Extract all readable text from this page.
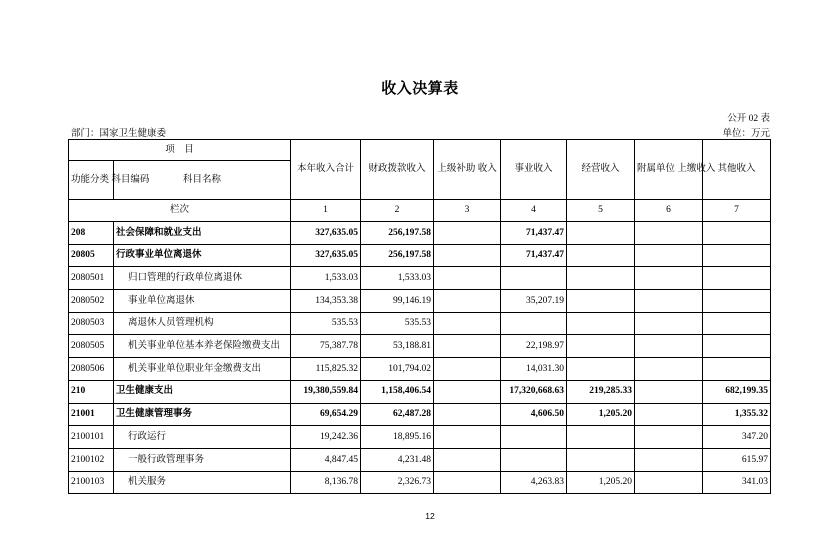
收入决算表
公开 02 表
部门：国家卫生健康委	单位：万元
项　目		本年收入合计	财政拨款收入	上级补助 收入	事业收入	经营收入	附属单位 上缴收入	其他收入
功能分类 科目编码	科目名称							
栏次		1	2	3	4	5	6	7
208	社会保障和就业支出	327,635.05	256,197.58		71,437.47			
20805	行政事业单位离退休	327,635.05	256,197.58		71,437.47			
2080501	归口管理的行政单位离退休	1,533.03	1,533.03					
2080502	事业单位离退休	134,353.38	99,146.19		35,207.19			
2080503	离退休人员管理机构	535.53	535.53					
2080505	机关事业单位基本养老保险缴费支出	75,387.78	53,188.81		22,198.97			
2080506	机关事业单位职业年金缴费支出	115,825.32	101,794.02		14,031.30			
210	卫生健康支出	19,380,559.84	1,158,406.54		17,320,668.63	219,285.33		682,199.35
21001	卫生健康管理事务	69,654.29	62,487.28		4,606.50	1,205.20		1,355.32
2100101	行政运行	19,242.36	18,895.16					347.20
2100102	一般行政管理事务	4,847.45	4,231.48					615.97
2100103	机关服务	8,136.78	2,326.73		4,263.83	1,205.20		341.03
12
